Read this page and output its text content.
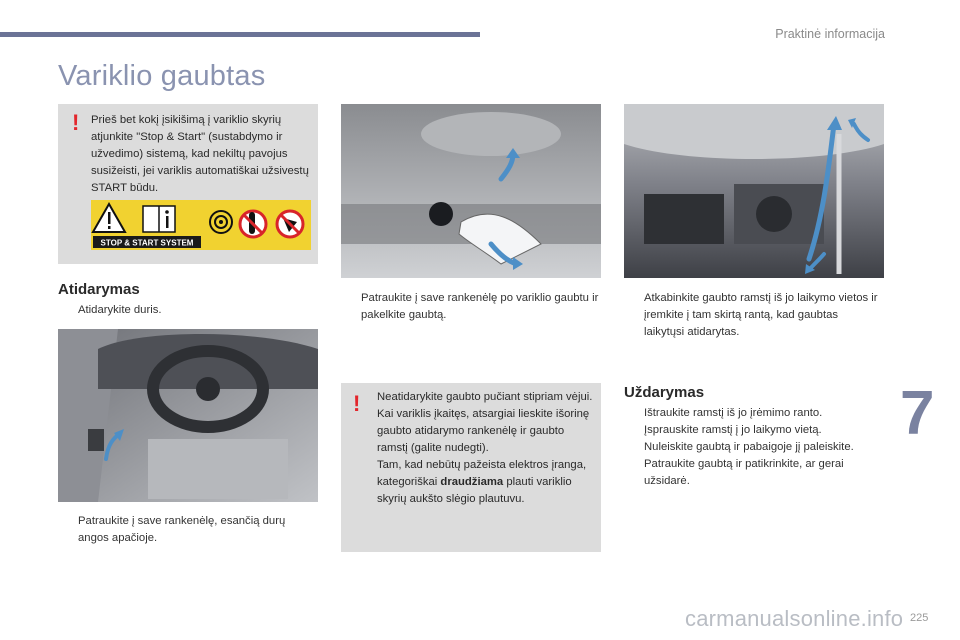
Praktinė informacija
Variklio gaubtas
! Prieš bet kokį įsikišimą į variklio skyrių atjunkite "Stop & Start" (sustabdymo ir užvedimo) sistemą, kad nekiltų pavojus susižeisti, jei variklis automatiškai užsivestų START būdu.

STOP & START SYSTEM
Atidarymas
Atidarykite duris.
Patraukite į save rankenėlę, esančią durų angos apačioje.
Patraukite į save rankenėlę po variklio gaubtu ir pakelkite gaubtą.
! Neatidarykite gaubto pučiant stipriam vėjui.
Kai variklis įkaitęs, atsargiai lieskite išorinę gaubto atidarymo rankenėlę ir gaubto ramstį (galite nudegti).
Tam, kad nebūtų pažeista elektros įranga, kategoriškai draudžiama plauti variklio skyrių aukšto slėgio plautuvu.

Atkabinkite gaubto ramstį iš jo laikymo vietos ir įremkite į tam skirtą rantą, kad gaubtas laikytųsi atidarytas.
Uždarymas
Ištraukite ramstį iš jo įrėmimo ranto.
Įsprauskite ramstį į jo laikymo vietą.
Nuleiskite gaubtą ir pabaigoje jį paleiskite.
Patraukite gaubtą ir patikrinkite, ar gerai užsidarė.
7
225
carmanualsonline.info
